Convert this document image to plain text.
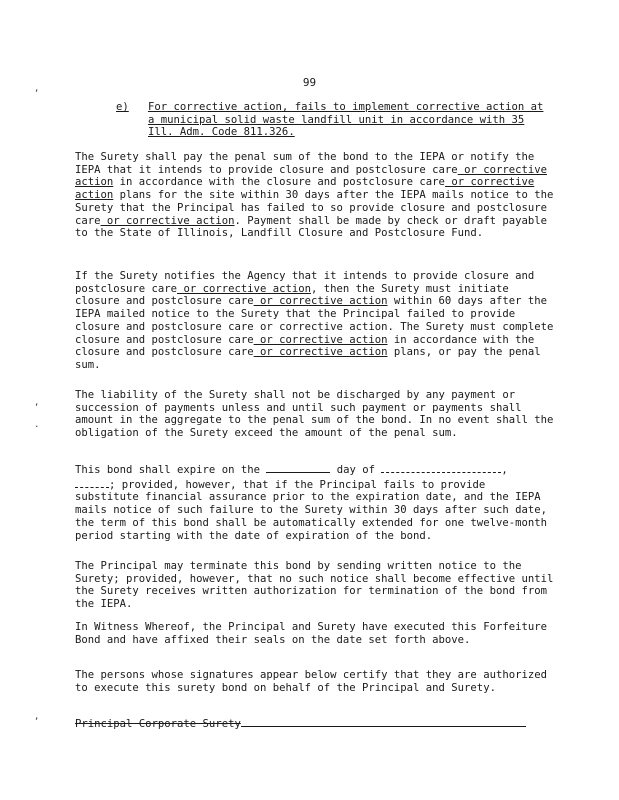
99
e) For corrective action, fails to implement corrective action at a municipal solid waste landfill unit in accordance with 35 Ill. Adm. Code 811.326.

The Surety shall pay the penal sum of the bond to the IEPA or notify the IEPA that it intends to provide closure and postclosure care or corrective action in accordance with the closure and postclosure care or corrective action plans for the site within 30 days after the IEPA mails notice to the Surety that the Principal has failed to so provide closure and postclosure care or corrective action. Payment shall be made by check or draft payable to the State of Illinois, Landfill Closure and Postclosure Fund.

If the Surety notifies the Agency that it intends to provide closure and postclosure care or corrective action, then the Surety must initiate closure and postclosure care or corrective action within 60 days after the IEPA mailed notice to the Surety that the Principal failed to provide closure and postclosure care or corrective action. The Surety must complete closure and postclosure care or corrective action in accordance with the closure and postclosure care or corrective action plans, or pay the penal sum.

The liability of the Surety shall not be discharged by any payment or succession of payments unless and until such payment or payments shall amount in the aggregate to the penal sum of the bond. In no event shall the obligation of the Surety exceed the amount of the penal sum.

This bond shall expire on the	day of	,
; provided, however, that if the Principal fails to provide substitute financial assurance prior to the expiration date, and the IEPA mails notice of such failure to the Surety within 30 days after such date, the term of this bond shall be automatically extended for one twelve-month period starting with the date of expiration of the bond.

The Principal may terminate this bond by sending written notice to the Surety; provided, however, that no such notice shall become effective until the Surety receives written authorization for termination of the bond from the IEPA.

In Witness Whereof, the Principal and Surety have executed this Forfeiture Bond and have affixed their seals on the date set forth above.

The persons whose signatures appear below certify that they are authorized to execute this surety bond on behalf of the Principal and Surety.

Principal Corporate Surety
,
,
.
,
